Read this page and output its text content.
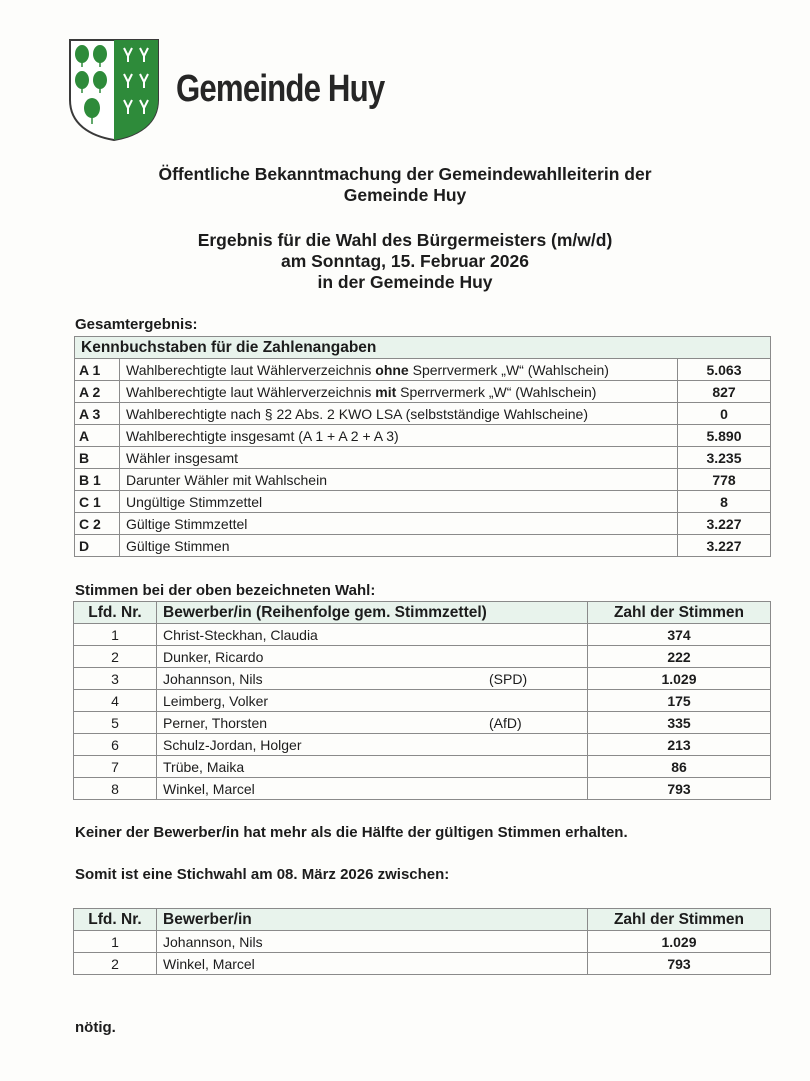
Gemeinde Huy
Öffentliche Bekanntmachung der Gemeindewahlleiterin der
Gemeinde Huy
Ergebnis für die Wahl des Bürgermeisters (m/w/d)
am Sonntag, 15. Februar 2026
in der Gemeinde Huy
Gesamtergebnis:
Kennbuchstaben für die Zahlenangaben		
A 1	Wahlberechtigte laut Wählerverzeichnis ohne Sperrvermerk „W“ (Wahlschein)	5.063
A 2	Wahlberechtigte laut Wählerverzeichnis mit Sperrvermerk „W“ (Wahlschein)	827
A 3	Wahlberechtigte nach § 22 Abs. 2 KWO LSA (selbstständige Wahlscheine)	0
A	Wahlberechtigte insgesamt (A 1 + A 2 + A 3)	5.890
B	Wähler insgesamt	3.235
B 1	Darunter Wähler mit Wahlschein	778
C 1	Ungültige Stimmzettel	8
C 2	Gültige Stimmzettel	3.227
D	Gültige Stimmen	3.227
Stimmen bei der oben bezeichneten Wahl:
Lfd. Nr.	Bewerber/in (Reihenfolge gem. Stimmzettel)		Zahl der Stimmen
1	Christ-Steckhan, Claudia		374
2	Dunker, Ricardo		222
3	Johannson, Nils	(SPD)	1.029
4	Leimberg, Volker		175
5	Perner, Thorsten	(AfD)	335
6	Schulz-Jordan, Holger		213
7	Trübe, Maika		86
8	Winkel, Marcel		793
Keiner der Bewerber/in hat mehr als die Hälfte der gültigen Stimmen erhalten.
Somit ist eine Stichwahl am 08. März 2026 zwischen:
Lfd. Nr.	Bewerber/in	Zahl der Stimmen
1	Johannson, Nils	1.029
2	Winkel, Marcel	793
nötig.
